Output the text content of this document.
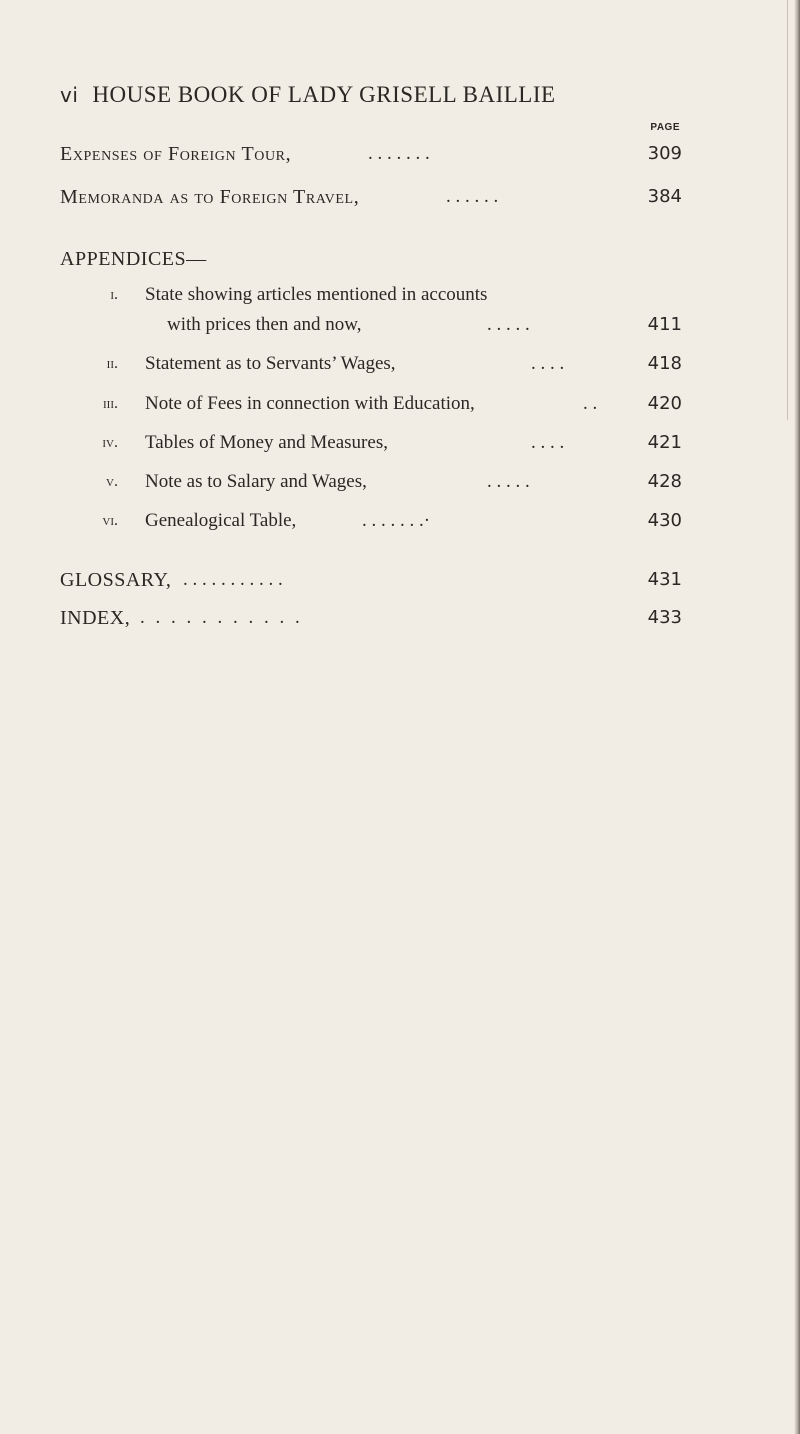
vi HOUSE BOOK OF LADY GRISELL BAILLIE
PAGE
Expenses of Foreign Tour,	. . . . . . .	309
Memoranda as to Foreign Travel,	. . . . . .	384
APPENDICES—
i. State showing articles mentioned in accounts
with prices then and now,	. . . . .	411
ii. Statement as to Servants’ Wages,	. . . .	418
iii. Note of Fees in connection with Education,	. .	420
iv. Tables of Money and Measures,	. . . .	421
v. Note as to Salary and Wages,	. . . . .	428
vi. Genealogical Table,	. . . . . . .·	430
GLOSSARY, . . . . . . . . . . .	431
INDEX, . . . . . . . . . . .	433
